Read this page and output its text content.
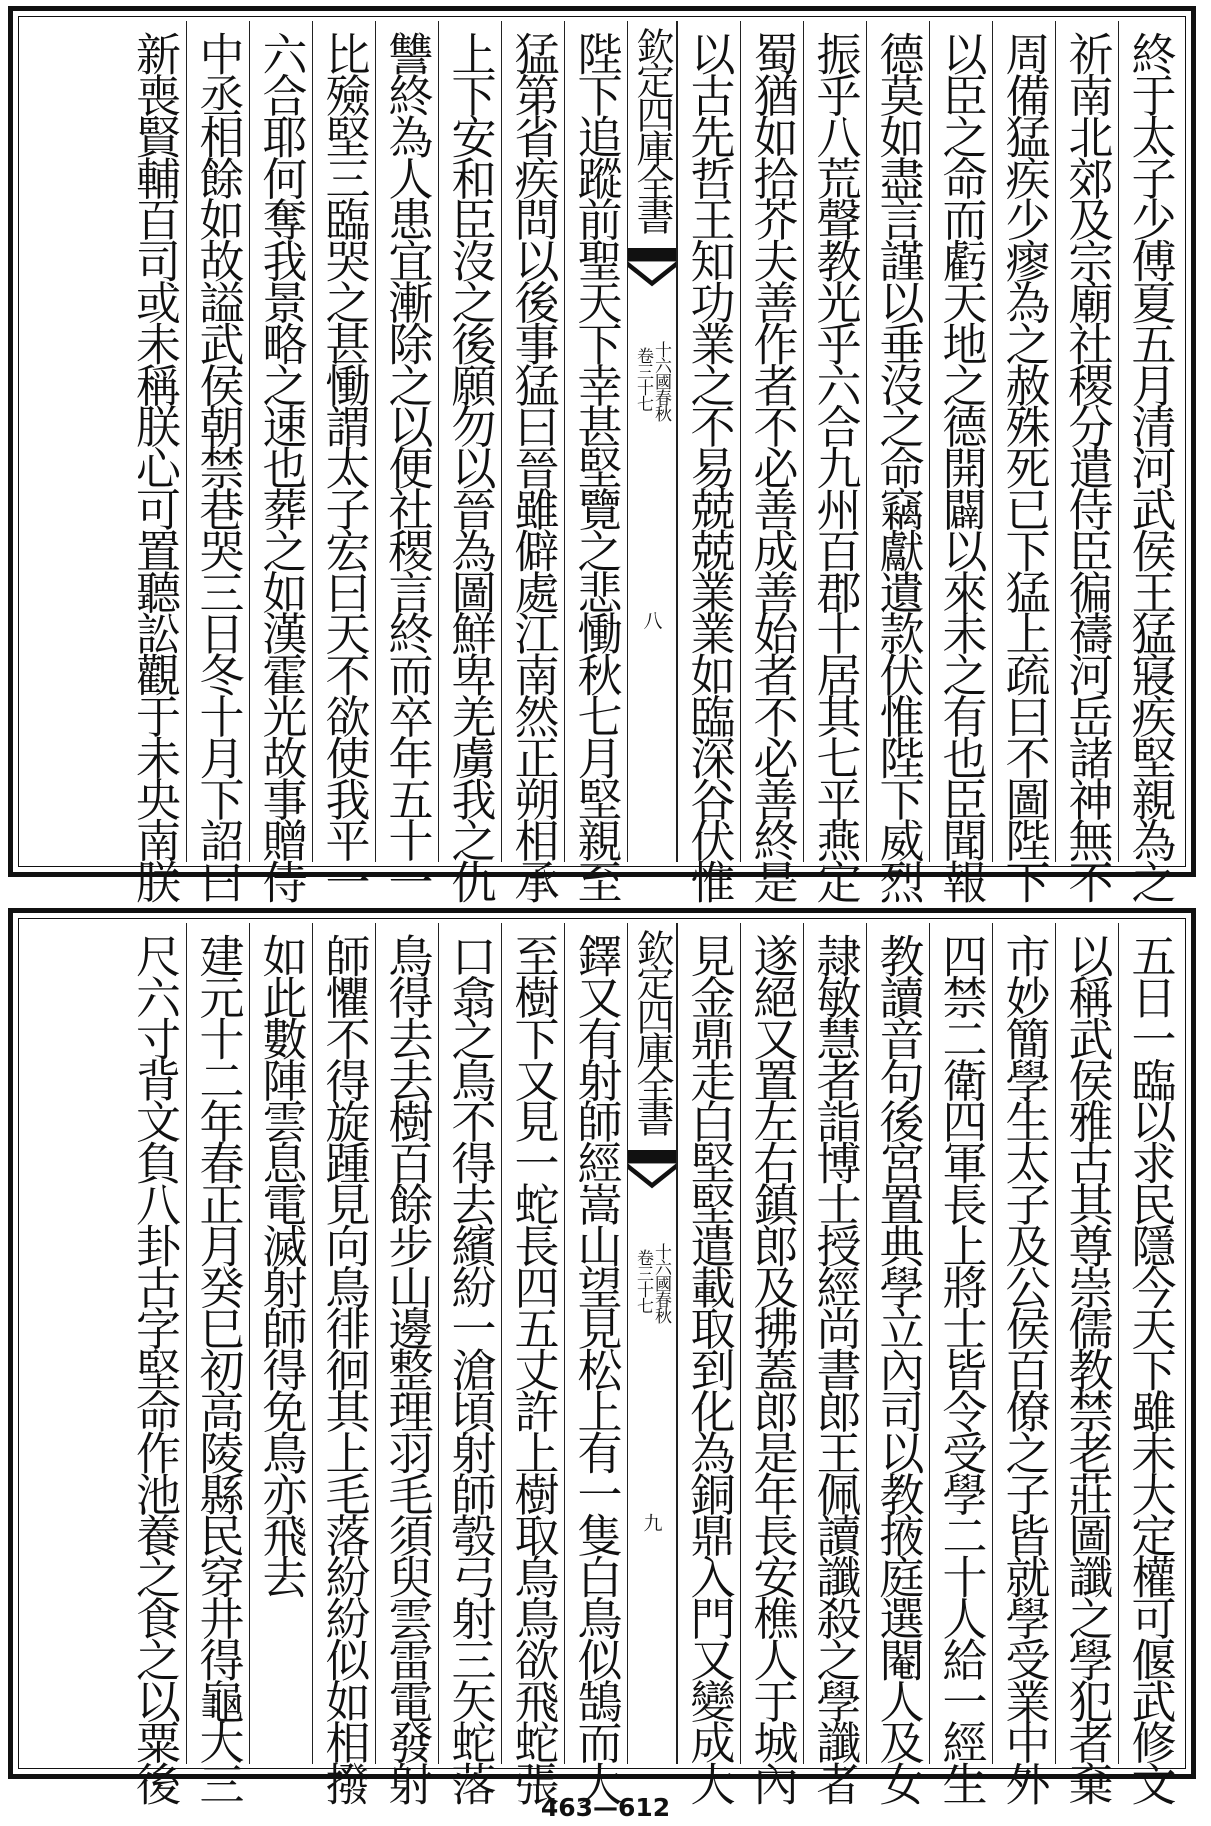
終于太子少傅夏五月清河武侯王猛寢疾堅親為之
祈南北郊及宗廟社稷分遣侍臣徧禱河岳諸神無不
周備猛疾少瘳為之赦殊死已下猛上疏曰不圖陛下
以臣之命而虧天地之德開闢以來未之有也臣聞報
德莫如盡言謹以垂沒之命竊獻遺款伏惟陛下威烈
振乎八荒聲教光乎六合九州百郡十居其七平燕定
蜀猶如拾芥夫善作者不必善成善始者不必善終是
以古先哲王知功業之不易兢兢業業如臨深谷伏惟
欽定四庫全書
十六國春秋
卷三十七
八
陛下追蹤前聖天下幸甚堅覽之悲慟秋七月堅親至
猛第省疾問以後事猛曰晉雖僻處江南然正朔相承
上下安和臣沒之後願勿以晉為圖鮮卑羌虜我之仇
讐終為人患宜漸除之以便社稷言終而卒年五十一
比殮堅三臨哭之甚慟謂太子宏曰天不欲使我平一
六合耶何奪我景略之速也葬之如漢霍光故事贈侍
中丞相餘如故謚武侯朝禁巷哭三日冬十月下詔曰
新喪賢輔百司或未稱朕心可置聽訟觀于未央南朕
五日一臨以求民隱今天下雖未大定權可偃武修文
以稱武侯雅古其尊崇儒教禁老莊圖讖之學犯者棄
市妙簡學生太子及公侯百僚之子皆就學受業中外
四禁二衛四軍長上將士皆令受學二十人給一經生
教讀音句後宮置典學立內司以教掖庭選閹人及女
隷敏慧者詣博士授經尚書郎王佩讀讖殺之學讖者
遂絕又置左右鎮郎及拂蓋郎是年長安樵人于城內
見金鼎走白堅堅遣載取到化為銅鼎入門又變成大
欽定四庫全書
十六國春秋
卷三十七
九
鐸又有射師經嵩山望見松上有一隻白鳥似鵠而大
至樹下又見一蛇長四五丈許上樹取鳥鳥欲飛蛇張
口翕之鳥不得去繽紛一滄頃射師彀弓射三矢蛇落
鳥得去去樹百餘步山邊整理羽毛須臾雲雷電發射
師懼不得旋踵見向鳥徘徊其上毛落紛紛似如相撥
如此數陣雲息電滅射師得免鳥亦飛去
建元十二年春正月癸巳初高陵縣民穿井得龜大三
尺六寸背文負八卦古字堅命作池養之食之以粟後
463—612
